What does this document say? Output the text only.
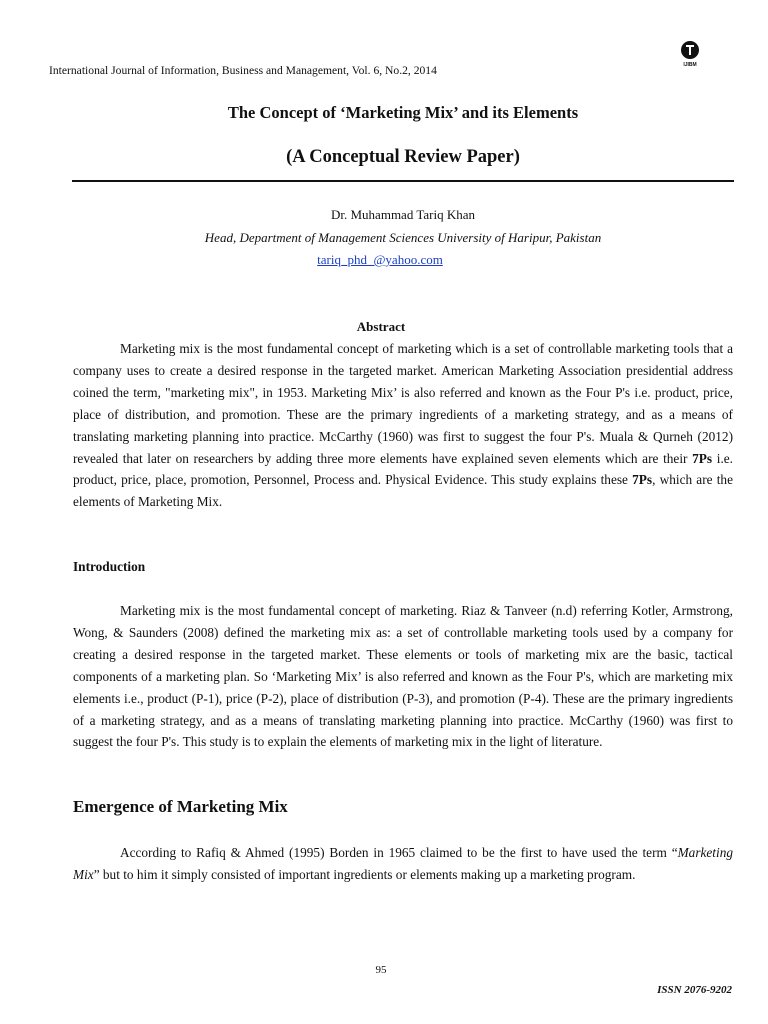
International Journal of Information, Business and Management, Vol. 6, No.2, 2014	IJIBM
The Concept of ‘Marketing Mix’ and its Elements
(A Conceptual Review Paper)
Dr. Muhammad Tariq Khan
Head, Department of Management Sciences University of Haripur, Pakistan
tariq_phd_@yahoo.com
Abstract

Marketing mix is the most fundamental concept of marketing which is a set of controllable marketing tools that a company uses to create a desired response in the targeted market. American Marketing Association presidential address coined the term, "marketing mix", in 1953. Marketing Mix’ is also referred and known as the Four P's i.e. product, price, place of distribution, and promotion. These are the primary ingredients of a marketing strategy, and as a means of translating marketing planning into practice. McCarthy (1960) was first to suggest the four P's. Muala & Qurneh (2012) revealed that later on researchers by adding three more elements have explained seven elements which are their 7Ps i.e. product, price, place, promotion, Personnel, Process and. Physical Evidence. This study explains these 7Ps, which are the elements of Marketing Mix.

Introduction

Marketing mix is the most fundamental concept of marketing. Riaz & Tanveer (n.d) referring Kotler, Armstrong, Wong, & Saunders (2008) defined the marketing mix as: a set of controllable marketing tools used by a company for creating a desired response in the targeted market. These elements or tools of marketing mix are the basic, tactical components of a marketing plan. So ‘Marketing Mix’ is also referred and known as the Four P's, which are marketing mix elements i.e., product (P-1), price (P-2), place of distribution (P-3), and promotion (P-4). These are the primary ingredients of a marketing strategy, and as a means of translating marketing planning into practice. McCarthy (1960) was first to suggest the four P's. This study is to explain the elements of marketing mix in the light of literature.

Emergence of Marketing Mix

According to Rafiq & Ahmed (1995) Borden in 1965 claimed to be the first to have used the term “Marketing Mix” but to him it simply consisted of important ingredients or elements making up a marketing program.

95
ISSN 2076-9202
